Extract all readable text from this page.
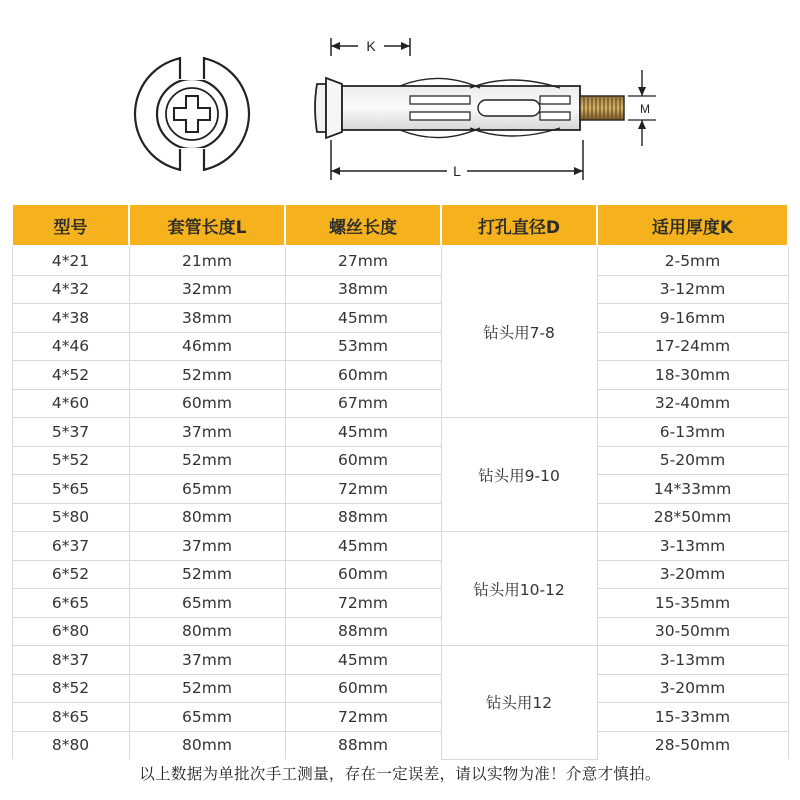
K
M
L
型号	套管长度L	螺丝长度	打孔直径D	适用厚度K
4*21	21mm	27mm	钻头用7-8	2-5mm
4*32	32mm	38mm		3-12mm
4*38	38mm	45mm		9-16mm
4*46	46mm	53mm		17-24mm
4*52	52mm	60mm		18-30mm
4*60	60mm	67mm		32-40mm
5*37	37mm	45mm	钻头用9-10	6-13mm
5*52	52mm	60mm		5-20mm
5*65	65mm	72mm		14*33mm
5*80	80mm	88mm		28*50mm
6*37	37mm	45mm	钻头用10-12	3-13mm
6*52	52mm	60mm		3-20mm
6*65	65mm	72mm		15-35mm
6*80	80mm	88mm		30-50mm
8*37	37mm	45mm	钻头用12	3-13mm
8*52	52mm	60mm		3-20mm
8*65	65mm	72mm		15-33mm
8*80	80mm	88mm		28-50mm
以上数据为单批次手工测量，存在一定误差，请以实物为准！介意才慎拍。
